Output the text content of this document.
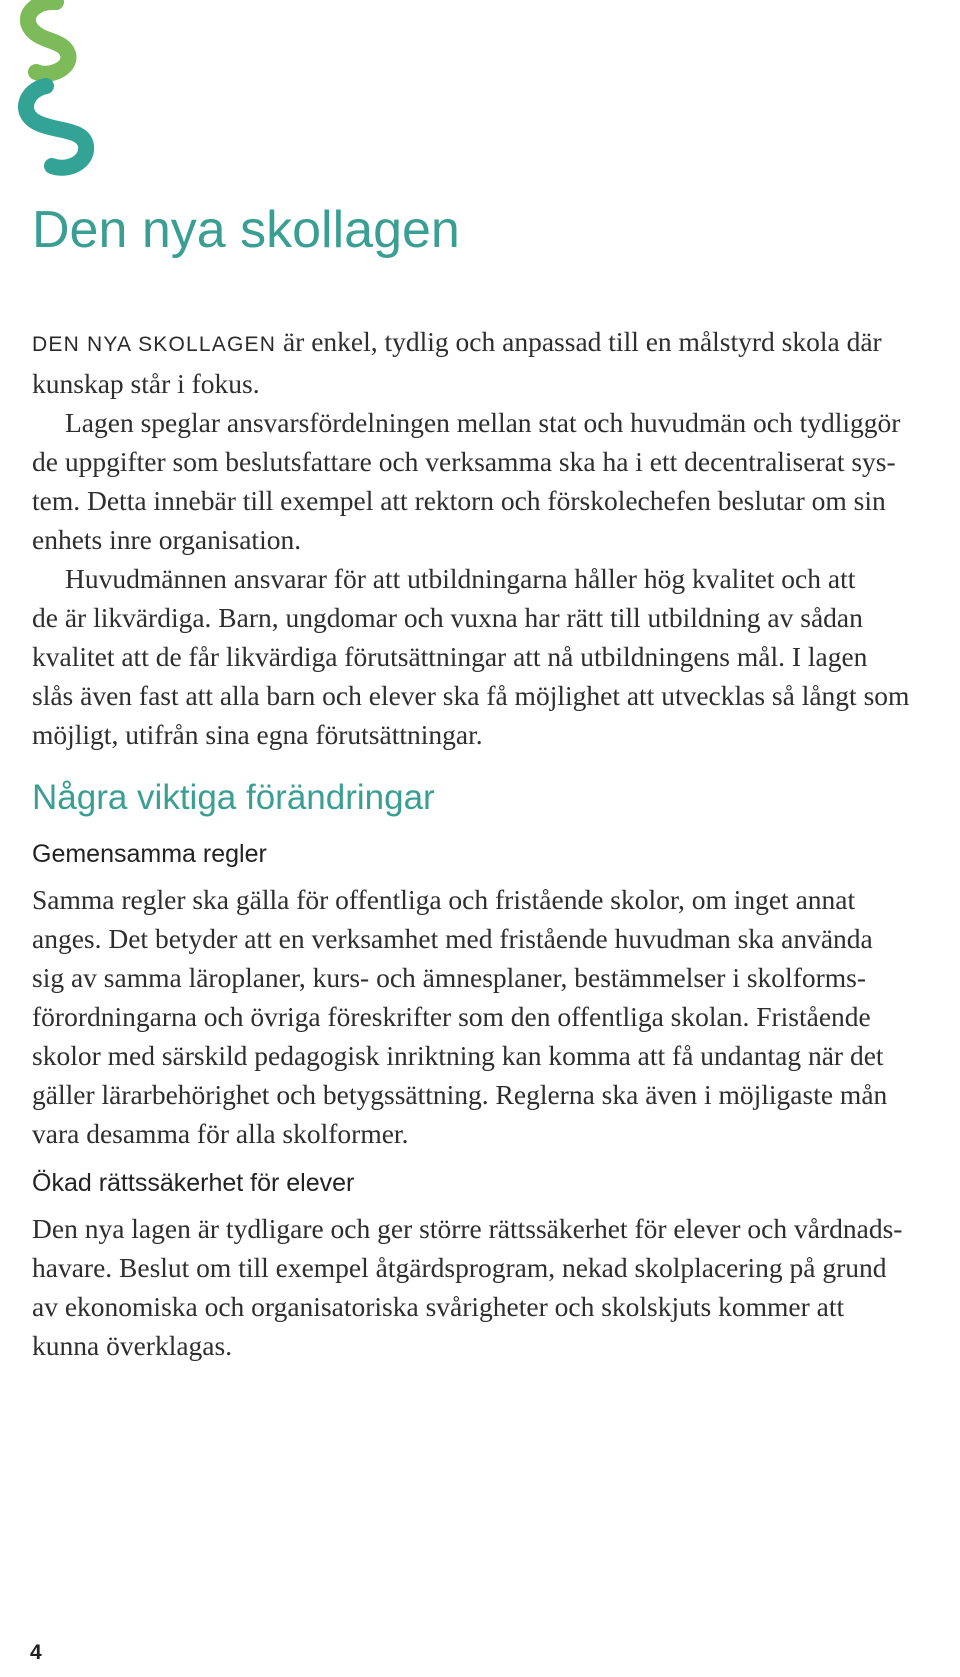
Den nya skollagen

DEN NYA SKOLLAGEN är enkel, tydlig och anpassad till en målstyrd skola där
kunskap står i fokus.

Lagen speglar ansvarsfördelningen mellan stat och huvudmän och tydliggör
de uppgifter som beslutsfattare och verksamma ska ha i ett decentraliserat sys-
tem. Detta innebär till exempel att rektorn och förskolechefen beslutar om sin
enhets inre organisation.

Huvudmännen ansvarar för att utbildningarna håller hög kvalitet och att
de är likvärdiga. Barn, ungdomar och vuxna har rätt till utbildning av sådan
kvalitet att de får likvärdiga förutsättningar att nå utbildningens mål. I lagen
slås även fast att alla barn och elever ska få möjlighet att utvecklas så långt som
möjligt, utifrån sina egna förutsättningar.

Några viktiga förändringar
Gemensamma regler

Samma regler ska gälla för offentliga och fristående skolor, om inget annat
anges. Det betyder att en verksamhet med fristående huvudman ska använda
sig av samma läroplaner, kurs- och ämnesplaner, bestämmelser i skolforms-
förordningarna och övriga föreskrifter som den offentliga skolan. Fristående
skolor med särskild pedagogisk inriktning kan komma att få undantag när det
gäller lärarbehörighet och betygssättning. Reglerna ska även i möjligaste mån
vara desamma för alla skolformer.

Ökad rättssäkerhet för elever

Den nya lagen är tydligare och ger större rättssäkerhet för elever och vårdnads-
havare. Beslut om till exempel åtgärdsprogram, nekad skolplacering på grund
av ekonomiska och organisatoriska svårigheter och skolskjuts kommer att
kunna överklagas.

4
